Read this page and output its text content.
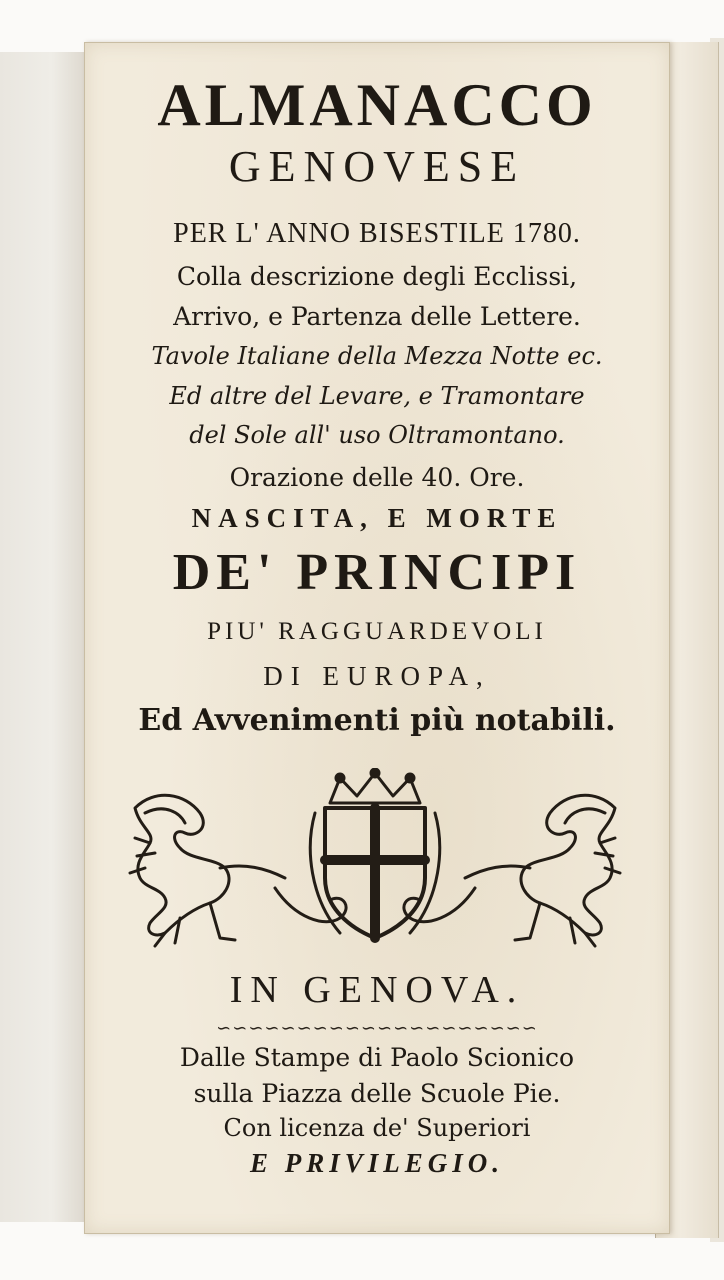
ALMANACCO
GENOVESE
PER L' ANNO BISESTILE 1780.
Colla descrizione degli Ecclissi,
Arrivo, e Partenza delle Lettere.
Tavole Italiane della Mezza Notte ec.
Ed altre del Levare, e Tramontare
del Sole all' uso Oltramontano.
Orazione delle 40. Ore.
NASCITA, E MORTE
DE' PRINCIPI
PIU' RAGGUARDEVOLI
DI EUROPA,
Ed Avvenimenti più notabili.
IN GENOVA.
∽∽∽∽∽∽∽∽∽∽∽∽∽∽∽∽∽∽∽∽
Dalle Stampe di Paolo Scionico
sulla Piazza delle Scuole Pie.
Con licenza de' Superiori
E PRIVILEGIO.
